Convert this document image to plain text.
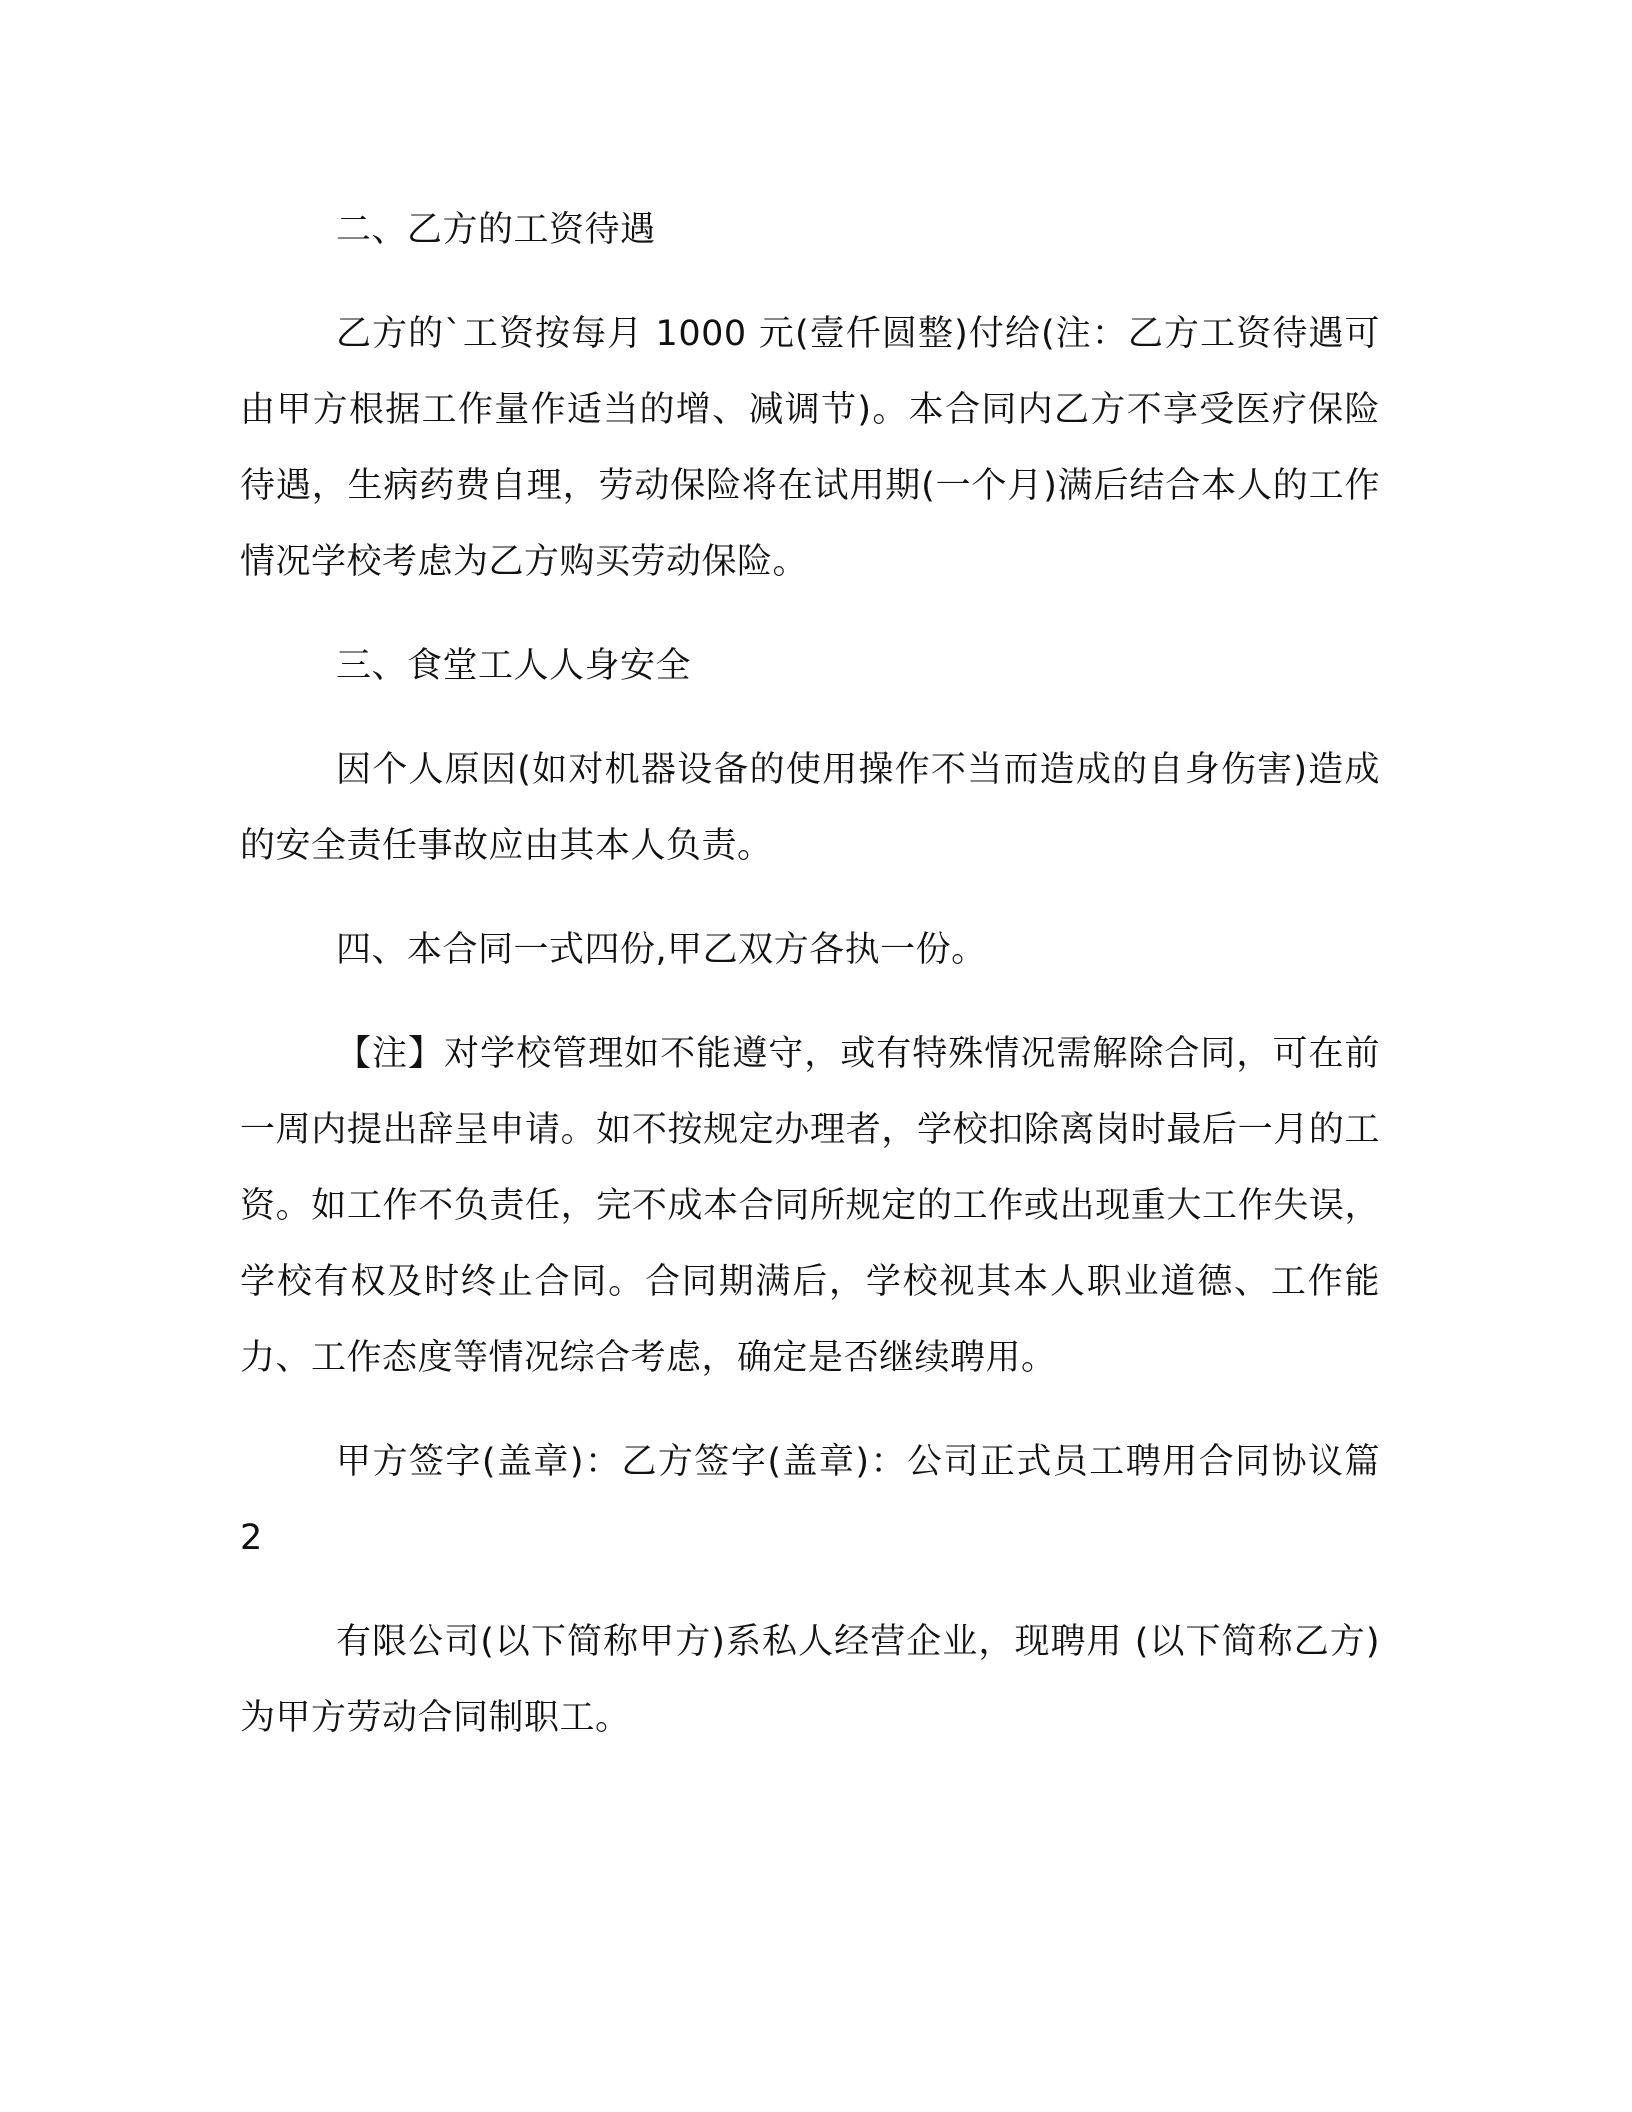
二、乙方的工资待遇

乙方的`工资按每月 1000 元(壹仟圆整)付给(注：乙方工资待遇可由甲方根据工作量作适当的增、减调节)。本合同内乙方不享受医疗保险待遇，生病药费自理，劳动保险将在试用期(一个月)满后结合本人的工作情况学校考虑为乙方购买劳动保险。

三、食堂工人人身安全

因个人原因(如对机器设备的使用操作不当而造成的自身伤害)造成的安全责任事故应由其本人负责。

四、本合同一式四份,甲乙双方各执一份。

【注】对学校管理如不能遵守，或有特殊情况需解除合同，可在前一周内提出辞呈申请。如不按规定办理者，学校扣除离岗时最后一月的工资。如工作不负责任，完不成本合同所规定的工作或出现重大工作失误，学校有权及时终止合同。合同期满后，学校视其本人职业道德、工作能力、工作态度等情况综合考虑，确定是否继续聘用。

甲方签字(盖章)：乙方签字(盖章)：公司正式员工聘用合同协议篇 2

有限公司(以下简称甲方)系私人经营企业，现聘用 (以下简称乙方)为甲方劳动合同制职工。
